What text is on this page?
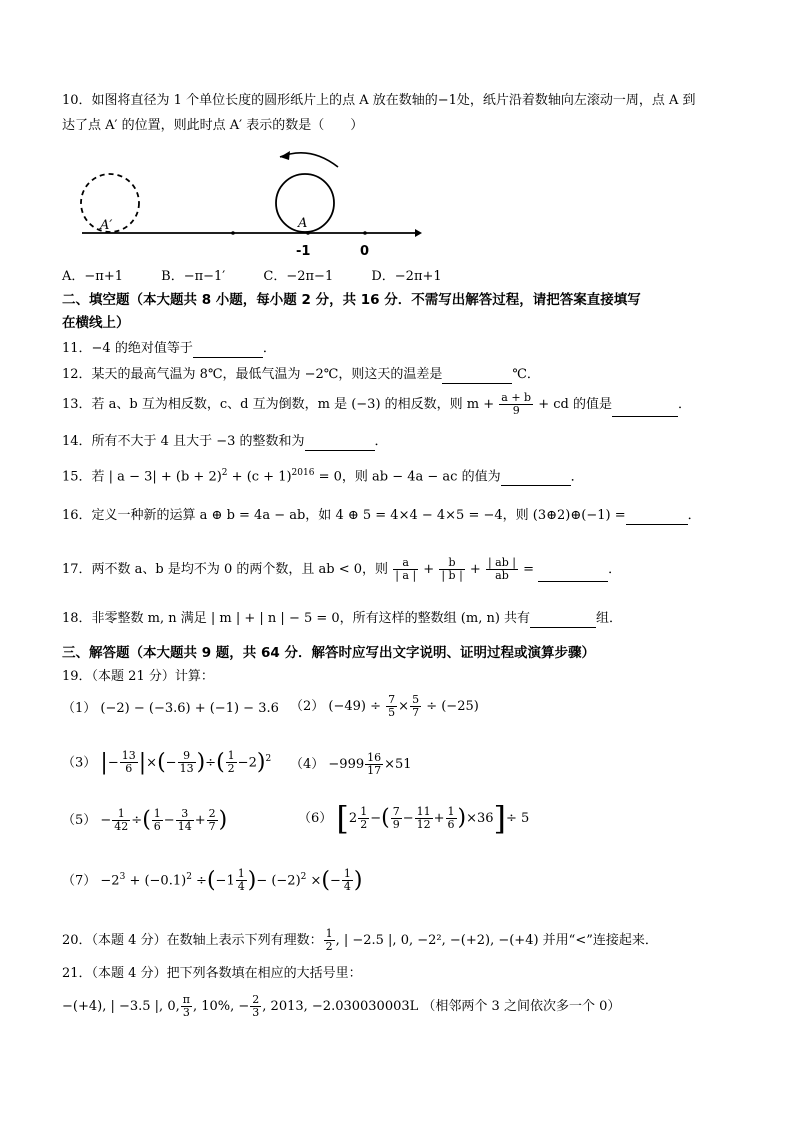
10．如图将直径为 1 个单位长度的圆形纸片上的点 A 放在数轴的−1处，纸片沿着数轴向左滚动一周，点 A 到
达了点 A′ 的位置，则此时点 A′ 表示的数是（　　）
A′	A
-1	0
A．−π+1	B．−π−1′	C．−2π−1	D．−2π+1
二、填空题（本大题共 8 小题，每小题 2 分，共 16 分．不需写出解答过程，请把答案直接填写
在横线上）
11．−4 的绝对值等于	．
12．某天的最高气温为 8℃，最低气温为 −2℃，则这天的温差是	℃．
13．若 a、b 互为相反数，c、d 互为倒数，m 是 (−3) 的相反数，则 $m + \frac{a + b}{9}$ + cd 的值是	．
14．所有不大于 4 且大于 −3 的整数和为	．
15．若 | $a - 3| + (b + 2)^2 + (c + 1)^{2016} = 0$，则 ab − 4a − ac 的值为	．
16．定义一种新的运算 a ⊕ b = 4a − ab，如 4 ⊕ 5 = 4×4 − 4×5 = −4，则 (3⊕2)⊕(−1) =	．
17．两不数 a、b 是均不为 0 的两个数，且 ab < 0，则 $\frac{a}{| a |} + \frac{b}{| b |} + \frac{| ab |}{ab}$ =	．
18．非零整数 m, n 满足 | m | + | n | − 5 = 0，所有这样的整数组 (m, n) 共有	组．
三、解答题（本大题共 9 题，共 64 分．解答时应写出文字说明、证明过程或演算步骤）
19．（本题 21 分）计算：
（1） (−2) − (−3.6) + (−1) − 3.6 （2） $(-49) \div \frac{7}{5} \times \frac{5}{7} \div (-25)$
（3） |− $\frac{13}{6}$ |×(− $\frac{9}{13}$ )÷( $\frac{1}{2} -2)^2$ $(4) -999 \frac{16}{17} \times 51$
$(5) - \frac{1}{42}$ ÷( $\frac{1}{6} - \frac{3}{14} + \frac{2}{7}$ )	（6） [$2 \frac{1}{2}$ −( $\frac{7}{9} - \frac{11}{12} + \frac{1}{6} )\times 36]\div 5$
$(7) -2^3 + (-0.1)^2 \div(-1 \frac{1}{4}$ )− $(-2)^2$ ×(− $\frac{1}{4}$ )
20．（本题 4 分）在数轴上表示下列有理数： $\frac{1}{2}$ , | −2.5 |, 0, −2², −(+2), −(+4) 并用“<”连接起来．
21．（本题 4 分）把下列各数填在相应的大括号里：
−(+4), | −3.5 |, 0, $\frac{\pi}{3}$ , 10%, − $\frac{2}{3}$ , 2013, −2.030030003L （相邻两个 3 之间依次多一个 0）
